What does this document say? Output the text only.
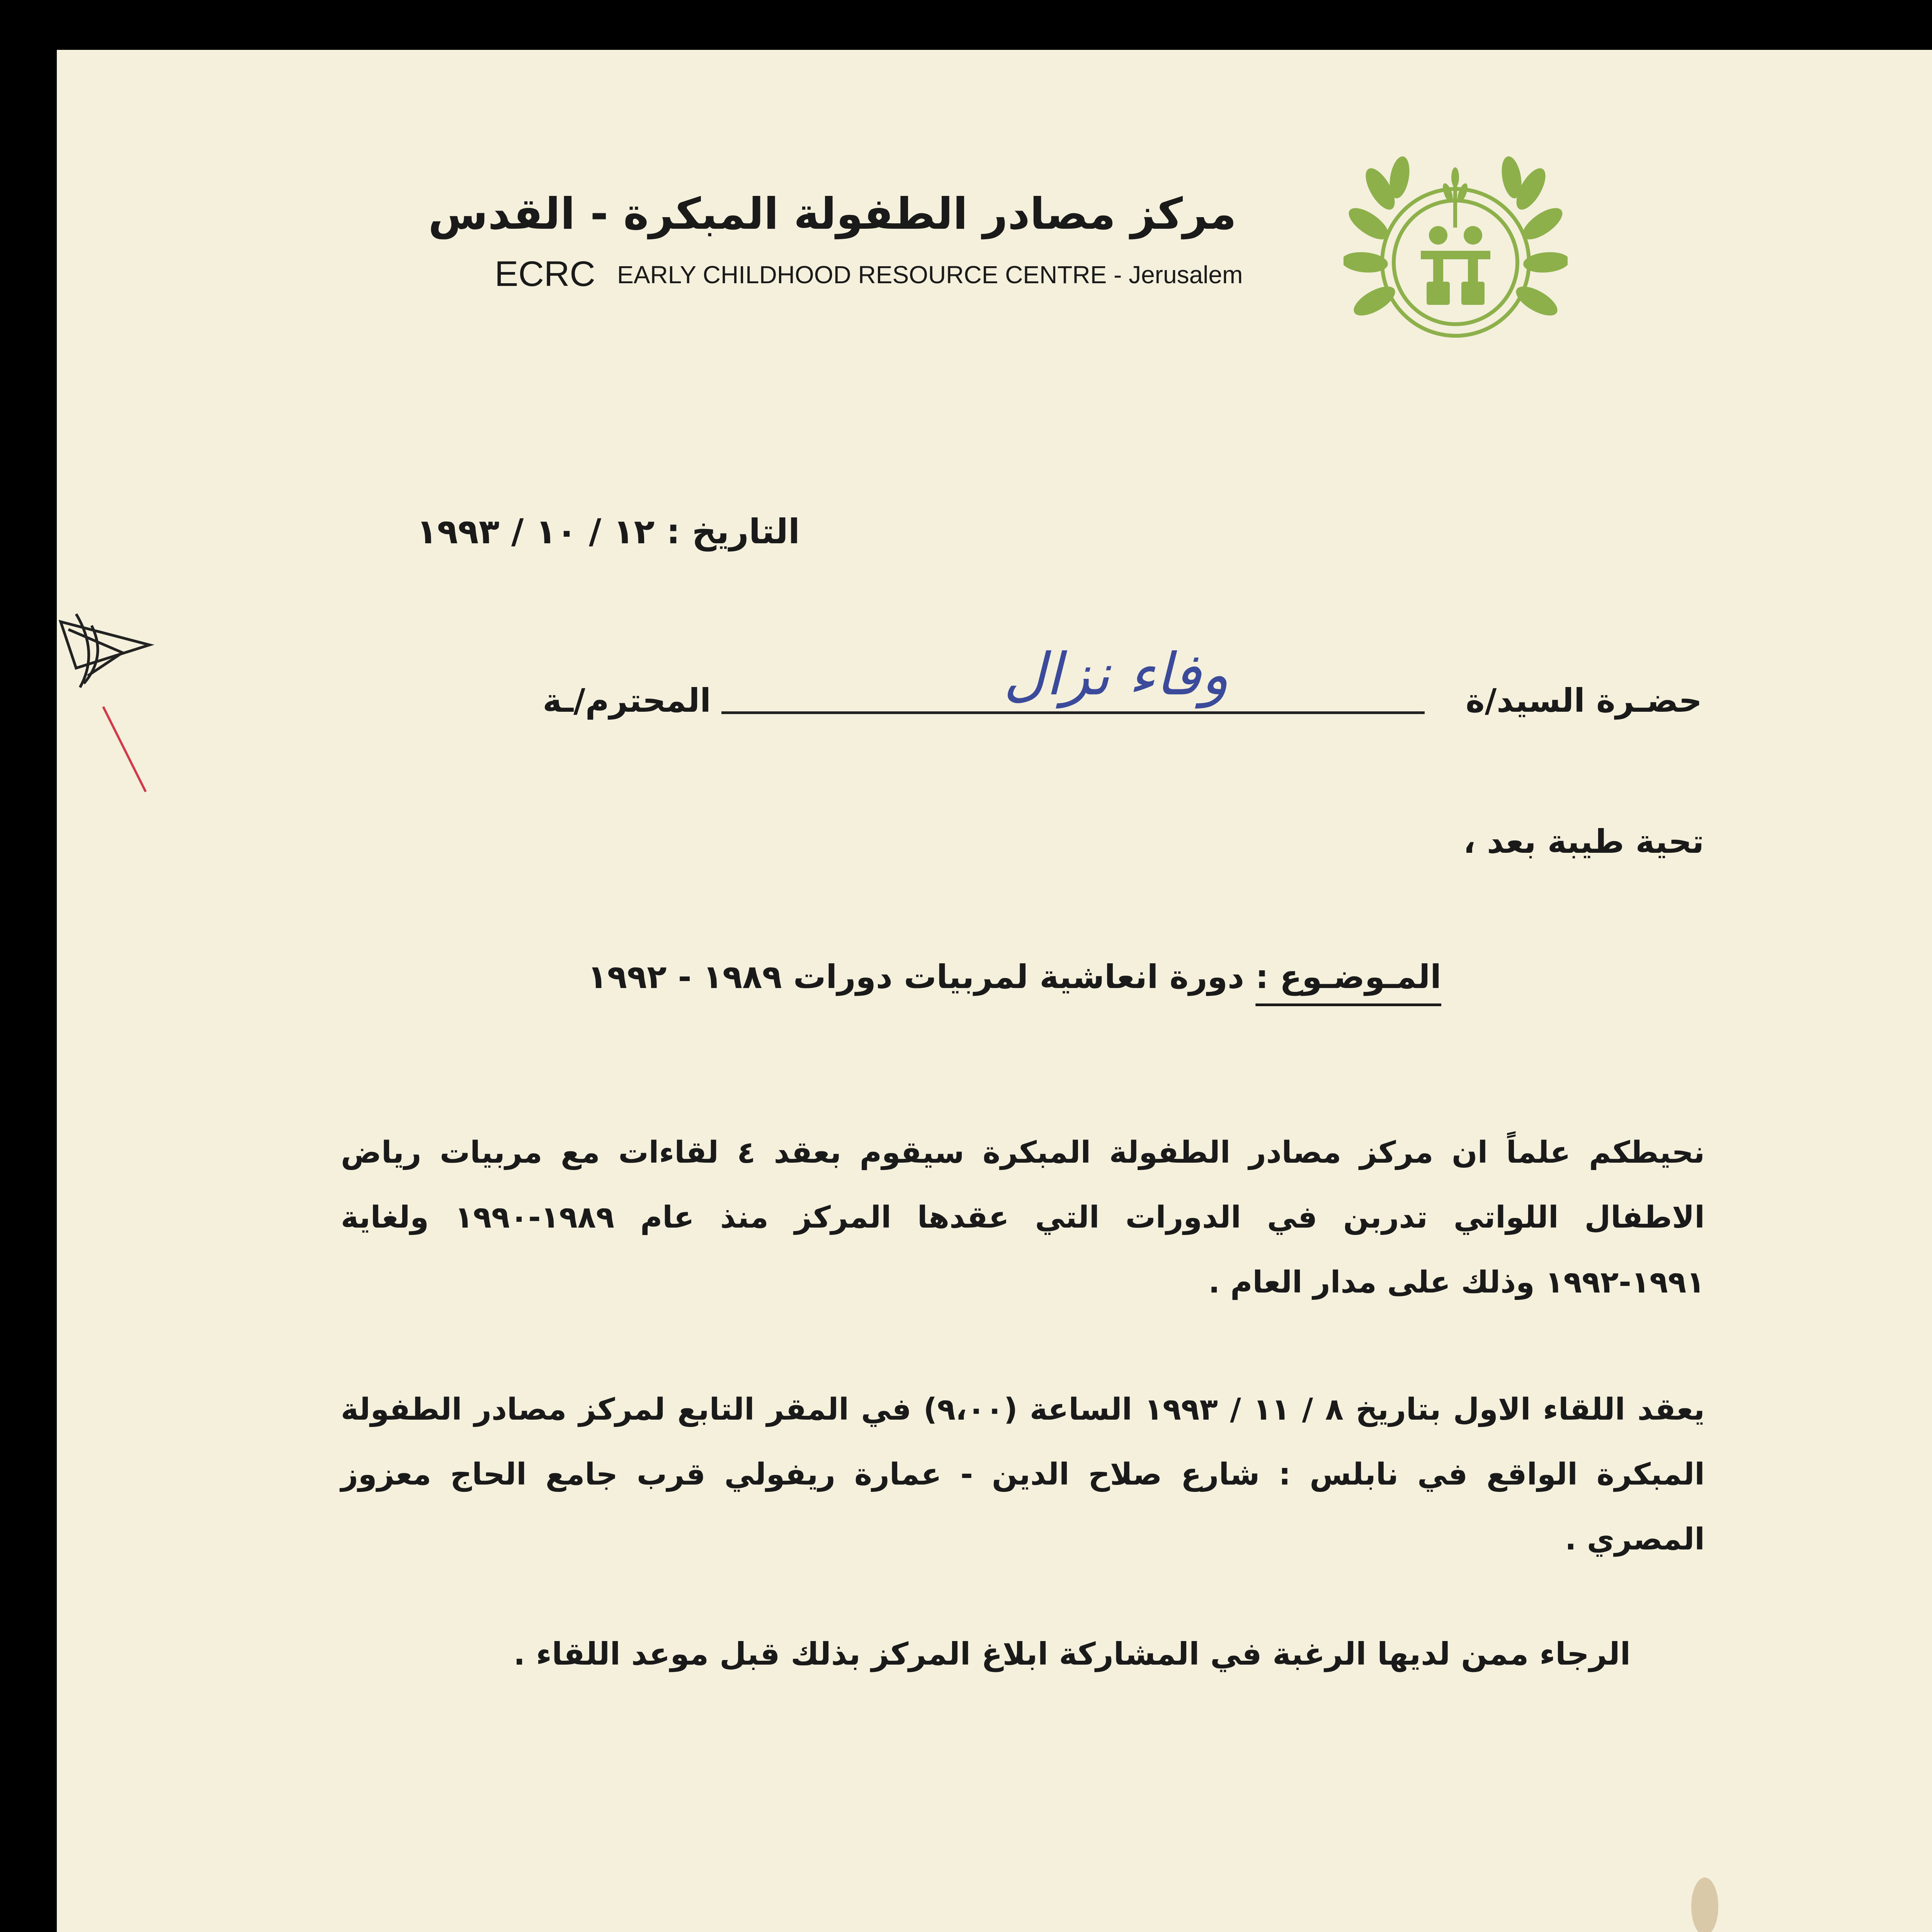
مركز مصادر الطفولة المبكرة - القدس
ECRC EARLY CHILDHOOD RESOURCE CENTRE - Jerusalem
التاريخ : ١٢ / ١٠ / ١٩٩٣
حضـرة السيد/ة
وفاء نزال
المحترم/ـة
تحية طيبة بعد ،
المـوضـوع : دورة انعاشية لمربيات دورات ١٩٨٩ - ١٩٩٢
نحيطكم علماً ان مركز مصادر الطفولة المبكرة سيقوم بعقد ٤ لقاءات مع مربيات رياض الاطفال اللواتي تدربن في الدورات التي عقدها المركز منذ عام ١٩٨٩-١٩٩٠ ولغاية ١٩٩١-١٩٩٢ وذلك على مدار العام .
يعقد اللقاء الاول بتاريخ ٨ / ١١ / ١٩٩٣ الساعة (٩،٠٠) في المقر التابع لمركز مصادر الطفولة المبكرة الواقع في نابلس : شارع صلاح الدين - عمارة ريفولي قرب جامع الحاج معزوز المصري .
الرجاء ممن لديها الرغبة في المشاركة ابلاغ المركز بذلك قبل موعد اللقاء .
